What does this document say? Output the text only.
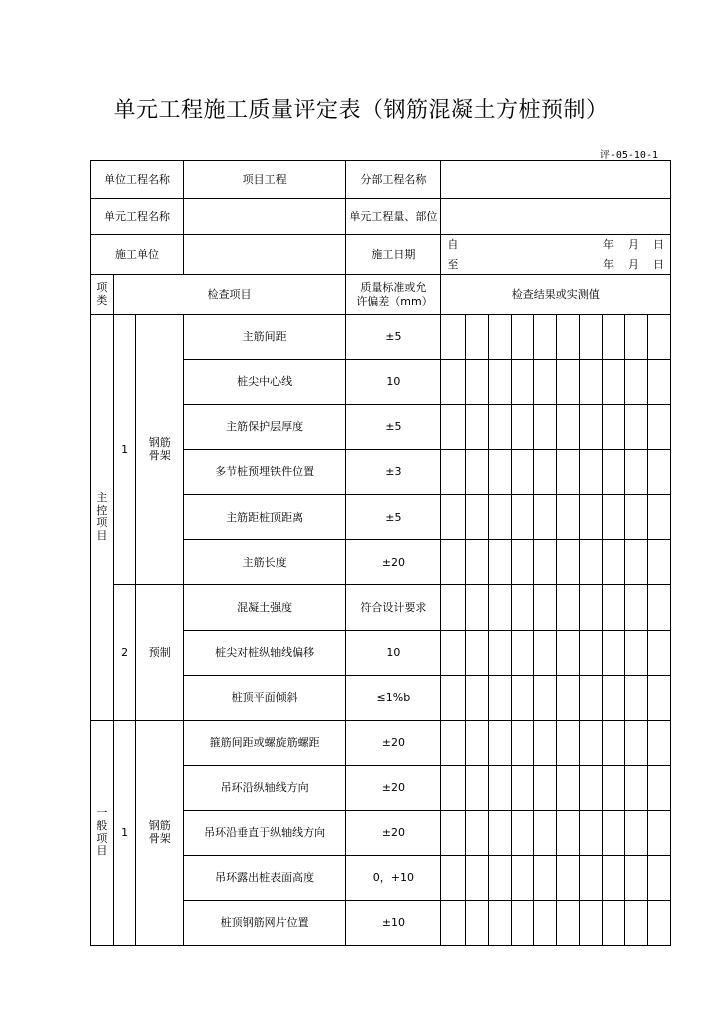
单元工程施工质量评定表（钢筋混凝土方桩预制）
评-05-10-1
单位工程名称			项目工程	分部工程名称										
单元工程名称				单元工程量、部位										
施工单位				施工日期	自 年 月 日
至 年 月 日									

项类	检查项目			质量标准或允许偏差（mm）	检查结果或实测值									
主控项目	1	钢筋骨架	主筋间距	±5										
			桩尖中心线	10										
			主筋保护层厚度	±5										
			多节桩预埋铁件位置	±3										
			主筋距桩顶距离	±5										
			主筋长度	±20										
	2	预制	混凝土强度	符合设计要求										
			桩尖对桩纵轴线偏移	10										
			桩顶平面倾斜	≤1%b										
一般项目	1	钢筋骨架	箍筋间距或螺旋筋螺距	±20										
			吊环沿纵轴线方向	±20										
			吊环沿垂直于纵轴线方向	±20										
			吊环露出桩表面高度	0，+10										
			桩顶钢筋网片位置	±10										
